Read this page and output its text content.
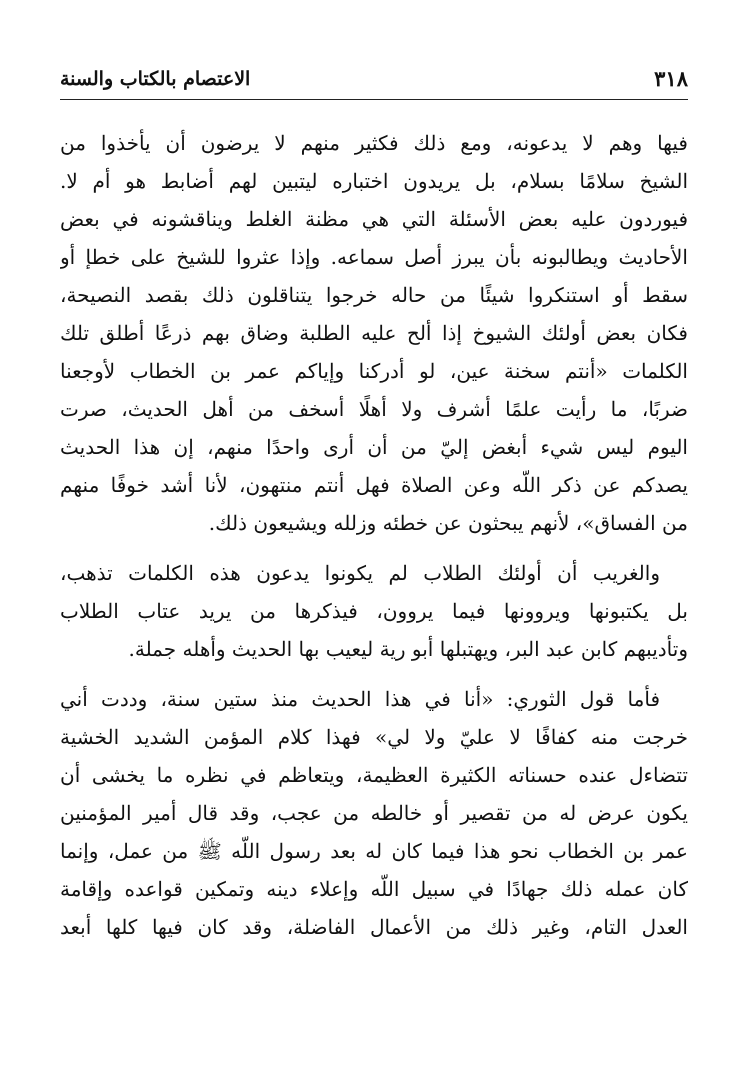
٣١٨
الاعتصام بالكتاب والسنة
فيها وهم لا يدعونه، ومع ذلك فكثير منهم لا يرضون أن يأخذوا من
الشيخ سلامًا بسلام، بل يريدون اختباره ليتبين لهم أضابط هو أم لا.
فيوردون عليه بعض الأسئلة التي هي مظنة الغلط ويناقشونه في بعض
الأحاديث ويطالبونه بأن يبرز أصل سماعه. وإذا عثروا للشيخ على خطإ أو
سقط أو استنكروا شيئًا من حاله خرجوا يتناقلون ذلك بقصد النصيحة،
فكان بعض أولئك الشيوخ إذا ألح عليه الطلبة وضاق بهم ذرعًا أطلق تلك
الكلمات «أنتم سخنة عين، لو أدركنا وإياكم عمر بن الخطاب لأوجعنا
ضربًا، ما رأيت علمًا أشرف ولا أهلًا أسخف من أهل الحديث، صرت
اليوم ليس شيء أبغض إليّ من أن أرى واحدًا منهم، إن هذا الحديث
يصدكم عن ذكر اللّه وعن الصلاة فهل أنتم منتهون، لأنا أشد خوفًا منهم
من الفساق»، لأنهم يبحثون عن خطئه وزلله ويشيعون ذلك.
والغريب أن أولئك الطلاب لم يكونوا يدعون هذه الكلمات تذهب،
بل يكتبونها ويروونها فيما يروون، فيذكرها من يريد عتاب الطلاب
وتأديبهم كابن عبد البر، ويهتبلها أبو رية ليعيب بها الحديث وأهله جملة.
فأما قول الثوري: «أنا في هذا الحديث منذ ستين سنة، وددت أني
خرجت منه كفافًا لا عليّ ولا لي» فهذا كلام المؤمن الشديد الخشية
تتضاءل عنده حسناته الكثيرة العظيمة، ويتعاظم في نظره ما يخشى أن
يكون عرض له من تقصير أو خالطه من عجب، وقد قال أمير المؤمنين
عمر بن الخطاب نحو هذا فيما كان له بعد رسول اللّه ﷺ من عمل، وإنما
كان عمله ذلك جهادًا في سبيل اللّه وإعلاء دينه وتمكين قواعده وإقامة
العدل التام، وغير ذلك من الأعمال الفاضلة، وقد كان فيها كلها أبعد
